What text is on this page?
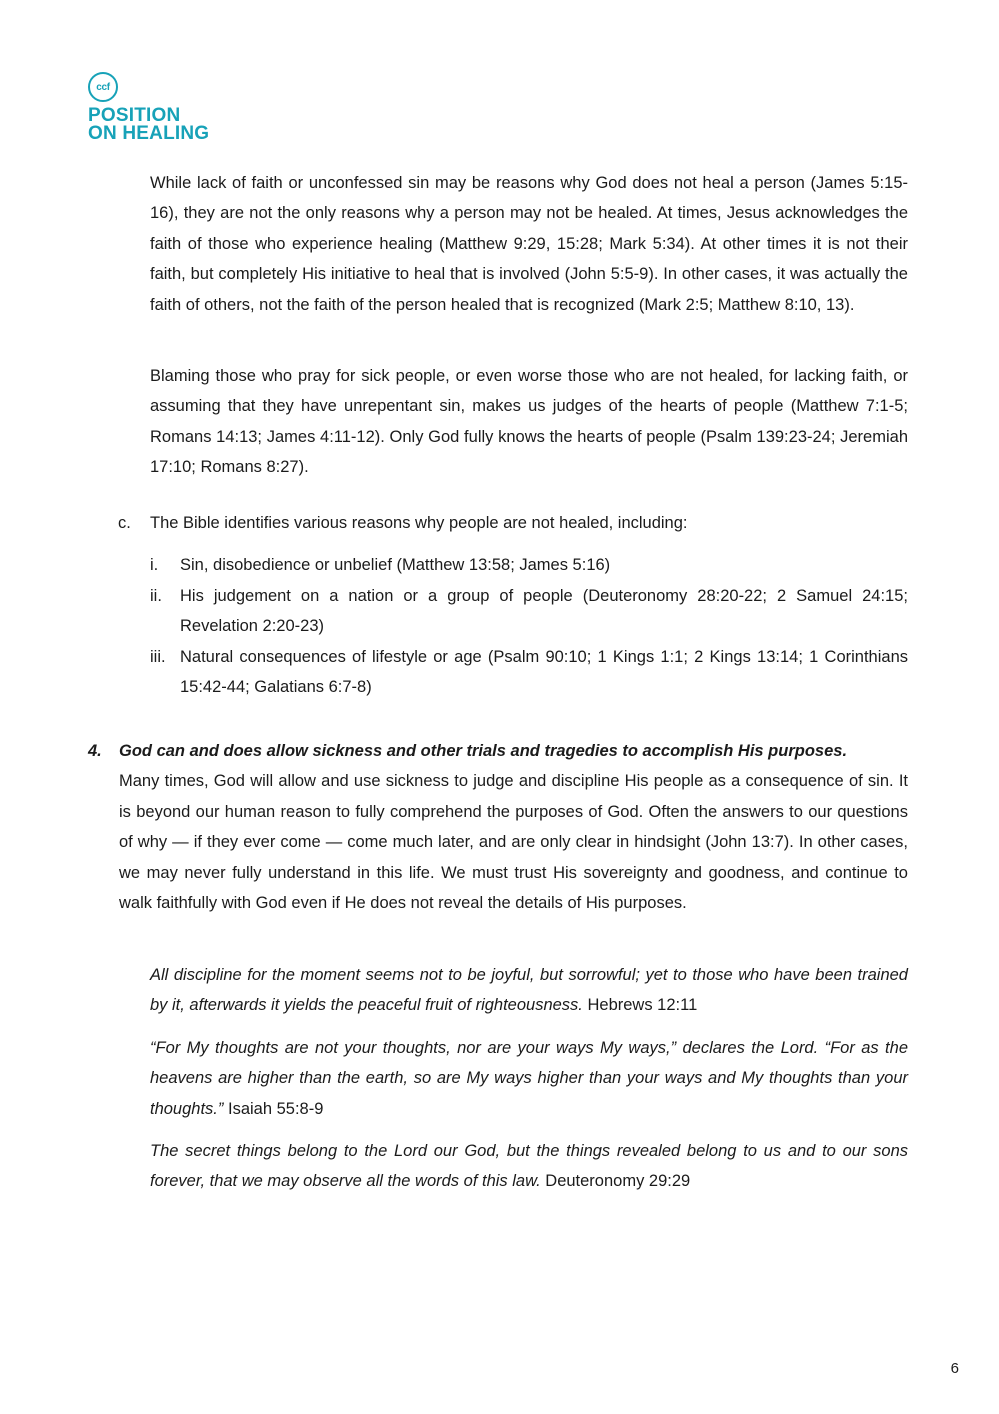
ccf
POSITION
ON HEALING

While lack of faith or unconfessed sin may be reasons why God does not heal a person (James 5:15-16), they are not the only reasons why a person may not be healed. At times, Jesus acknowledges the faith of those who experience healing (Matthew 9:29, 15:28; Mark 5:34). At other times it is not their faith, but completely His initiative to heal that is involved (John 5:5-9). In other cases, it was actually the faith of others, not the faith of the person healed that is recognized (Mark 2:5; Matthew 8:10, 13).

Blaming those who pray for sick people, or even worse those who are not healed, for lacking faith, or assuming that they have unrepentant sin, makes us judges of the hearts of people (Matthew 7:1-5; Romans 14:13; James 4:11-12). Only God fully knows the hearts of people (Psalm 139:23-24; Jeremiah 17:10; Romans 8:27).

c.	The Bible identifies various reasons why people are not healed, including:
i.	Sin, disobedience or unbelief (Matthew 13:58; James 5:16)
ii.	His judgement on a nation or a group of people (Deuteronomy 28:20-22; 2 Samuel 24:15; Revelation 2:20-23)
iii. Natural consequences of lifestyle or age (Psalm 90:10; 1 Kings 1:1; 2 Kings 13:14; 1 Corinthians 15:42-44; Galatians 6:7-8)
4.	God can and does allow sickness and other trials and tragedies to accomplish His purposes.

Many times, God will allow and use sickness to judge and discipline His people as a consequence of sin. It is beyond our human reason to fully comprehend the purposes of God. Often the answers to our questions of why — if they ever come — come much later, and are only clear in hindsight (John 13:7). In other cases, we may never fully understand in this life. We must trust His sovereignty and goodness, and continue to walk faithfully with God even if He does not reveal the details of His purposes.

All discipline for the moment seems not to be joyful, but sorrowful; yet to those who have been trained by it, afterwards it yields the peaceful fruit of righteousness. Hebrews 12:11

“For My thoughts are not your thoughts, nor are your ways My ways,” declares the Lord. “For as the heavens are higher than the earth, so are My ways higher than your ways and My thoughts than your thoughts.” Isaiah 55:8-9

The secret things belong to the Lord our God, but the things revealed belong to us and to our sons forever, that we may observe all the words of this law. Deuteronomy 29:29

6
